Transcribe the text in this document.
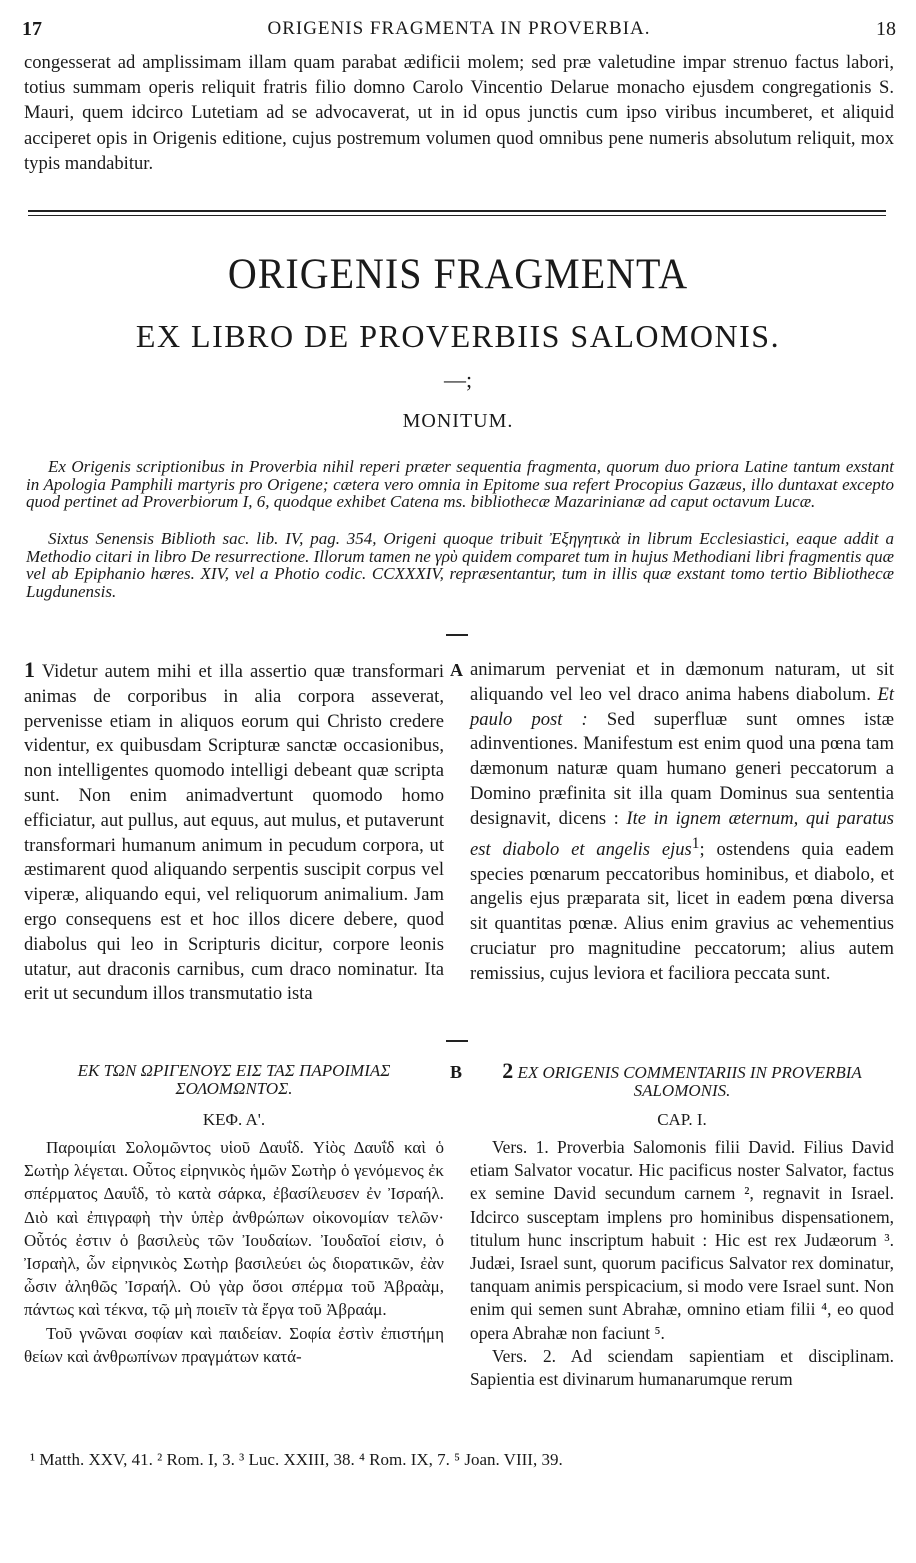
17	ORIGENIS FRAGMENTA IN PROVERBIA.	18
congesserat ad amplissimam illam quam parabat ædificii molem; sed præ valetudine impar strenuo factus labori, totius summam operis reliquit fratris filio domno Carolo Vincentio Delarue monacho ejusdem congregationis S. Mauri, quem idcirco Lutetiam ad se advocaverat, ut in id opus junctis cum ipso viribus incumberet, et aliquid acciperet opis in Origenis editione, cujus postremum volumen quod omnibus pene numeris absolutum reliquit, mox typis mandabitur.
ORIGENIS FRAGMENTA
EX LIBRO DE PROVERBIIS SALOMONIS.
—;
MONITUM.
Ex Origenis scriptionibus in Proverbia nihil reperi præter sequentia fragmenta, quorum duo priora Latine tantum exstant in Apologia Pamphili martyris pro Origene; cætera vero omnia in Epitome sua refert Procopius Gazæus, illo duntaxat excepto quod pertinet ad Proverbiorum I, 6, quodque exhibet Catena ms. bibliothecæ Mazarinianæ ad caput octavum Lucæ.
Sixtus Senensis Biblioth sac. lib. IV, pag. 354, Origeni quoque tribuit Ἐξηγητικὰ in librum Ecclesiastici, eaque addit a Methodio citari in libro De resurrectione. Illorum tamen ne γρὺ quidem comparet tum in hujus Methodiani libri fragmentis quæ vel ab Epiphanio hæres. XIV, vel a Photio codic. CCXXXIV, repræsentantur, tum in illis quæ exstant tomo tertio Bibliothecæ Lugdunensis.
1 Videtur autem mihi et illa assertio quæ transformari animas de corporibus in alia corpora asseverat, pervenisse etiam in aliquos eorum qui Christo credere videntur, ex quibusdam Scripturæ sanctæ occasionibus, non intelligentes quomodo intelligi debeant quæ scripta sunt. Non enim animadvertunt quomodo homo efficiatur, aut pullus, aut equus, aut mulus, et putaverunt transformari humanum animum in pecudum corpora, ut æstimarent quod aliquando serpentis suscipit corpus vel viperæ, aliquando equi, vel reliquorum animalium. Jam ergo consequens est et hoc illos dicere debere, quod diabolus qui leo in Scripturis dicitur, corpore leonis utatur, aut draconis carnibus, cum draco nominatur. Ita erit ut secundum illos transmutatio ista
A animarum perveniat et in dæmonum naturam, ut sit aliquando vel leo vel draco anima habens diabolum. Et paulo post : Sed superfluæ sunt omnes istæ adinventiones. Manifestum est enim quod una pœna tam dæmonum naturæ quam humano generi peccatorum a Domino præfinita sit illa quam Dominus sua sententia designavit, dicens : Ite in ignem æternum, qui paratus est diabolo et angelis ejus$^1$; ostendens quia eadem species pœnarum peccatoribus hominibus, et diabolo, et angelis ejus præparata sit, licet in eadem pœna diversa sit quantitas pœnæ. Alius enim gravius ac vehementius cruciatur pro magnitudine peccatorum; alius autem remissius, cujus leviora et faciliora peccata sunt.
ΕΚ ΤΩΝ ΩΡΙΓΕΝΟΥΣ ΕΙΣ ΤΑΣ ΠΑΡΟΙΜΙΑΣ ΣΟΛΟΜΩΝΤΟΣ.
B	2 EX ORIGENIS COMMENTARIIS IN PROVERBIA SALOMONIS.
ΚΕΦ. Α'.	CAP. I.

Παροιμίαι Σολομῶντος υἱοῦ Δαυΐδ. Υἱὸς Δαυΐδ καὶ ὁ Σωτὴρ λέγεται. Οὗτος εἰρηνικὸς ἡμῶν Σωτὴρ ὁ γενόμενος ἐκ σπέρματος Δαυΐδ, τὸ κατὰ σάρκα, ἐβασίλευσεν ἐν Ἰσραήλ. Διὸ καὶ ἐπιγραφὴ τὴν ὑπὲρ ἀνθρώπων οἰκονομίαν τελῶν· Οὗτός ἐστιν ὁ βασιλεὺς τῶν Ἰουδαίων. Ἰουδαῖοί εἰσιν, ὁ Ἰσραὴλ, ὧν εἰρηνικὸς Σωτὴρ βασιλεύει ὡς διορατικῶν, ἐὰν ὦσιν ἀληθῶς Ἰσραήλ. Οὐ γὰρ ὅσοι σπέρμα τοῦ Ἀβραὰμ, πάντως καὶ τέκνα, τῷ μὴ ποιεῖν τὰ ἔργα τοῦ Ἀβραάμ.

Τοῦ γνῶναι σοφίαν καὶ παιδείαν. Σοφία ἐστὶν ἐπιστήμη θείων καὶ ἀνθρωπίνων πραγμάτων κατά-

Vers. 1. Proverbia Salomonis filii David. Filius David etiam Salvator vocatur. Hic pacificus noster Salvator, factus ex semine David secundum carnem ², regnavit in Israel. Idcirco susceptam implens pro hominibus dispensationem, titulum hunc inscriptum habuit : Hic est rex Judæorum ³. Judæi, Israel sunt, quorum pacificus Salvator rex dominatur, tanquam animis perspicacium, si modo vere Israel sunt. Non enim qui semen sunt Abrahæ, omnino etiam filii ⁴, eo quod opera Abrahæ non faciunt ⁵.

Vers. 2. Ad sciendam sapientiam et disciplinam. Sapientia est divinarum humanarumque rerum

¹ Matth. XXV, 41. ² Rom. I, 3. ³ Luc. XXIII, 38. ⁴ Rom. IX, 7. ⁵ Joan. VIII, 39.
